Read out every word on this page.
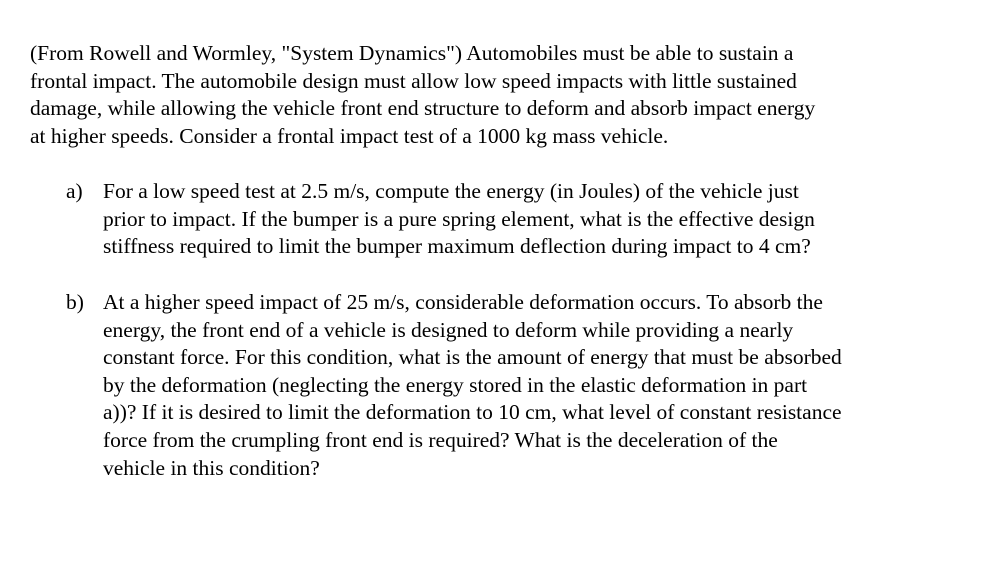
(From Rowell and Wormley, "System Dynamics") Automobiles must be able to sustain a
frontal impact. The automobile design must allow low speed impacts with little sustained
damage, while allowing the vehicle front end structure to deform and absorb impact energy
at higher speeds. Consider a frontal impact test of a 1000 kg mass vehicle.
a) For a low speed test at 2.5 m/s, compute the energy (in Joules) of the vehicle just
prior to impact. If the bumper is a pure spring element, what is the effective design
stiffness required to limit the bumper maximum deflection during impact to 4 cm?
b) At a higher speed impact of 25 m/s, considerable deformation occurs. To absorb the
energy, the front end of a vehicle is designed to deform while providing a nearly
constant force. For this condition, what is the amount of energy that must be absorbed
by the deformation (neglecting the energy stored in the elastic deformation in part
a))? If it is desired to limit the deformation to 10 cm, what level of constant resistance
force from the crumpling front end is required? What is the deceleration of the
vehicle in this condition?
